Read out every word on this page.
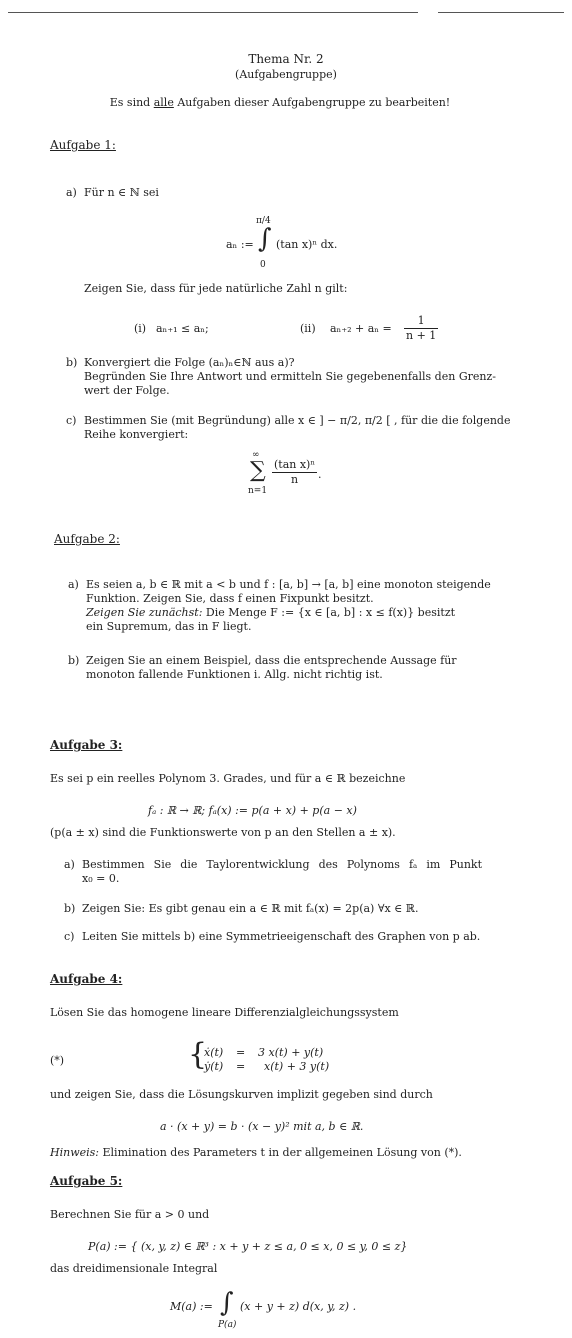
Thema Nr. 2
(Aufgabengruppe)
Es sind alle Aufgaben dieser Aufgabengruppe zu bearbeiten!
Aufgabe 1:
a) Für n ∈ ℕ sei
aₙ :=
π/4
∫
0
(tan x)ⁿ dx.
Zeigen Sie, dass für jede natürliche Zahl n gilt:
(i) aₙ₊₁ ≤ aₙ;	(ii) $a_{n+2} + a_n = \frac{1}{n + 1}$
b) Konvergiert die Folge (aₙ)ₙ∈ℕ aus a)?
Begründen Sie Ihre Antwort und ermitteln Sie gegebenenfalls den Grenz-
wert der Folge.
c) Bestimmen Sie (mit Begründung) alle x ∈ ] − π/2, π/2 [ , für die die folgende
Reihe konvergiert:
∞
∑
n=1
$\frac{\text{(tan x)ⁿ}}{n}$ .
Aufgabe 2:
a) Es seien a, b ∈ ℝ mit a < b und f : [a, b] → [a, b] eine monoton steigende
Funktion. Zeigen Sie, dass f einen Fixpunkt besitzt.
Zeigen Sie zunächst: Die Menge F := {x ∈ [a, b] : x ≤ f(x)} besitzt
ein Supremum, das in F liegt.
b) Zeigen Sie an einem Beispiel, dass die entsprechende Aussage für
monoton fallende Funktionen i. Allg. nicht richtig ist.
Aufgabe 3:
Es sei p ein reelles Polynom 3. Grades, und für a ∈ ℝ bezeichne
fₐ : ℝ → ℝ; fₐ(x) := p(a + x) + p(a − x)
(p(a ± x) sind die Funktionswerte von p an den Stellen a ± x).
a) Bestimmen Sie die Taylorentwicklung des Polynoms fₐ im Punkt
x₀ = 0.
b) Zeigen Sie: Es gibt genau ein a ∈ ℝ mit fₐ(x) = 2p(a) ∀x ∈ ℝ.
c) Leiten Sie mittels b) eine Symmetrieeigenschaft des Graphen von p ab.
Aufgabe 4:
Lösen Sie das homogene lineare Differenzialgleichungssystem
(*)	{
ẋ(t) = 3 x(t) + y(t)
ẏ(t) = x(t) + 3 y(t)
und zeigen Sie, dass die Lösungskurven implizit gegeben sind durch
a · (x + y) = b · (x − y)² mit a, b ∈ ℝ.
Hinweis: Elimination des Parameters t in der allgemeinen Lösung von (*).
Aufgabe 5:
Berechnen Sie für a > 0 und
P(a) := { (x, y, z) ∈ ℝ³ : x + y + z ≤ a, 0 ≤ x, 0 ≤ y, 0 ≤ z}
das dreidimensionale Integral
M(a) := ∫ (x + y + z) d(x, y, z) .
P(a)
